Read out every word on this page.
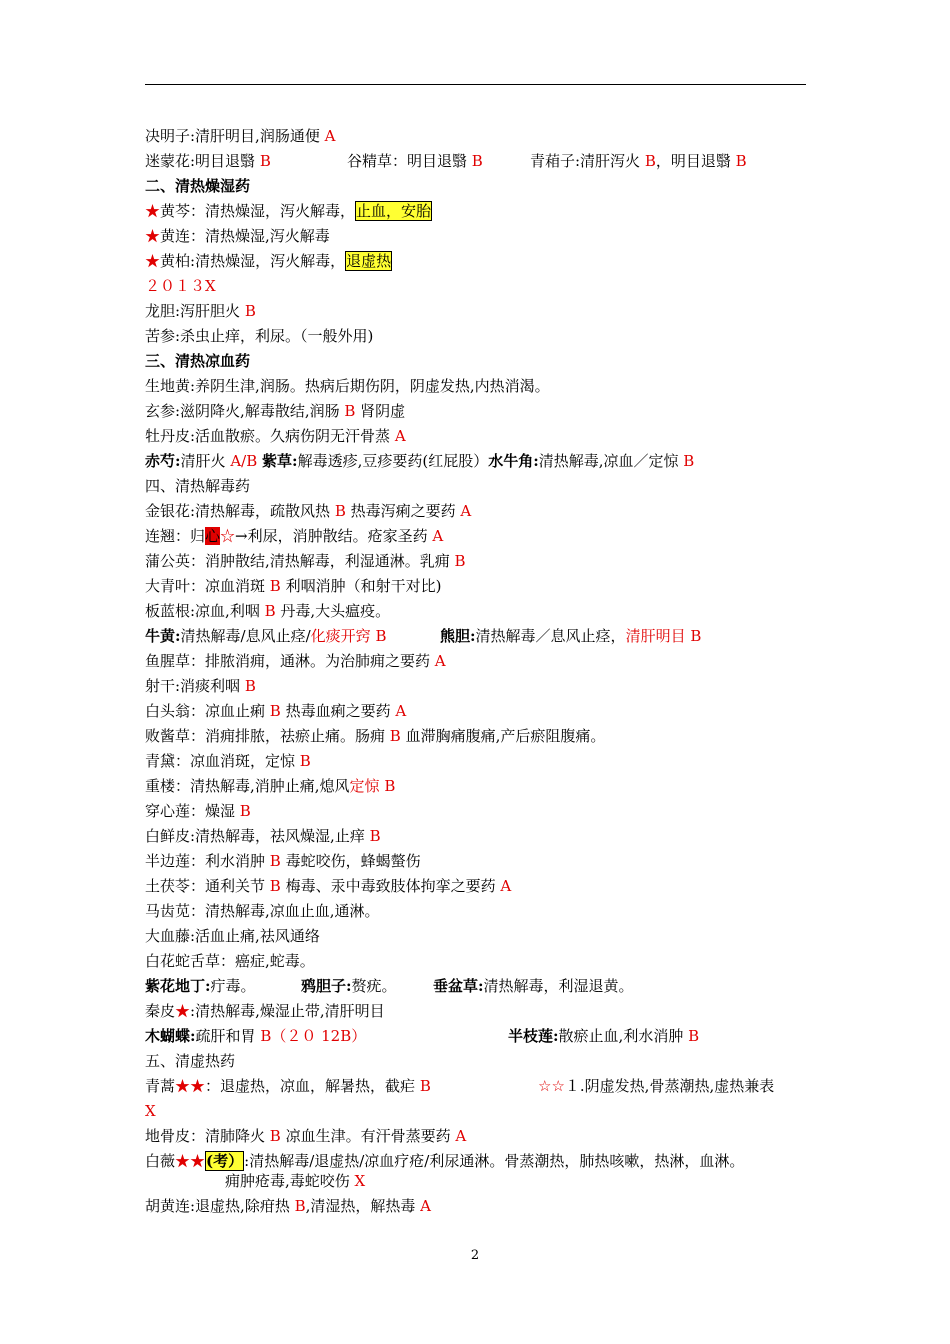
决明子:清肝明目,润肠通便 A
迷蒙花:明目退翳 B	谷精草：明目退翳 B	青葙子:清肝泻火 B，明目退翳 B
二、清热燥湿药
★黄芩：清热燥湿，泻火解毒，止血，安胎
★黄连：清热燥湿,泻火解毒
★黄柏:清热燥湿，泻火解毒，退虚热
２０１３X
龙胆:泻肝胆火 B
苦参:杀虫止痒，利尿。（一般外用)
三、清热凉血药
生地黄:养阴生津,润肠。热病后期伤阴，阴虚发热,内热消渴。
玄参:滋阴降火,解毒散结,润肠 B 肾阴虚
牡丹皮:活血散瘀。久病伤阴无汗骨蒸 A
赤芍:清肝火 A/B 紫草:解毒透疹,豆疹要药(红屁股）水牛角:清热解毒,凉血／定惊 B
四、清热解毒药
金银花:清热解毒，疏散风热 B 热毒泻痢之要药 A
连翘：归心☆→利尿，消肿散结。疮家圣药 A
蒲公英：消肿散结,清热解毒，利湿通淋。乳痈 B
大青叶：凉血消斑 B 利咽消肿（和射干对比)
板蓝根:凉血,利咽 B 丹毒,大头瘟疫。
牛黄:清热解毒/息风止痉/化痰开窍 B	熊胆:清热解毒／息风止痉，清肝明目 B
鱼腥草：排脓消痈，通淋。为治肺痈之要药 A
射干:消痰利咽 B
白头翁：凉血止痢 B 热毒血痢之要药 A
败酱草：消痈排脓，祛瘀止痛。肠痈 B 血滞胸痛腹痛,产后瘀阻腹痛。
青黛：凉血消斑，定惊 B
重楼：清热解毒,消肿止痛,熄风定惊 B
穿心莲：燥湿 B
白鲜皮:清热解毒，祛风燥湿,止痒 B
半边莲：利水消肿 B 毒蛇咬伤，蜂蝎螫伤
土茯苓：通利关节 B 梅毒、汞中毒致肢体拘挛之要药 A
马齿苋：清热解毒,凉血止血,通淋。
大血藤:活血止痛,祛风通络
白花蛇舌草：癌症,蛇毒。
紫花地丁:疔毒。	鸦胆子:赘疣。 垂盆草:清热解毒，利湿退黄。
秦皮★:清热解毒,燥湿止带,清肝明目
木蝴蝶:疏肝和胃 B（２０ 12B）	半枝莲:散瘀止血,利水消肿 B
五、清虚热药
青蒿★★：退虚热，凉血，解暑热，截疟 B	☆☆１.阴虚发热,骨蒸潮热,虚热兼表
X
地骨皮：清肺降火 B 凉血生津。有汗骨蒸要药 A
白薇★★(考）:清热解毒/退虚热/凉血疗疮/利尿通淋。骨蒸潮热，肺热咳嗽，热淋，血淋。
痈肿疮毒,毒蛇咬伤 X
胡黄连:退虚热,除疳热 B,清湿热，解热毒 A
2
